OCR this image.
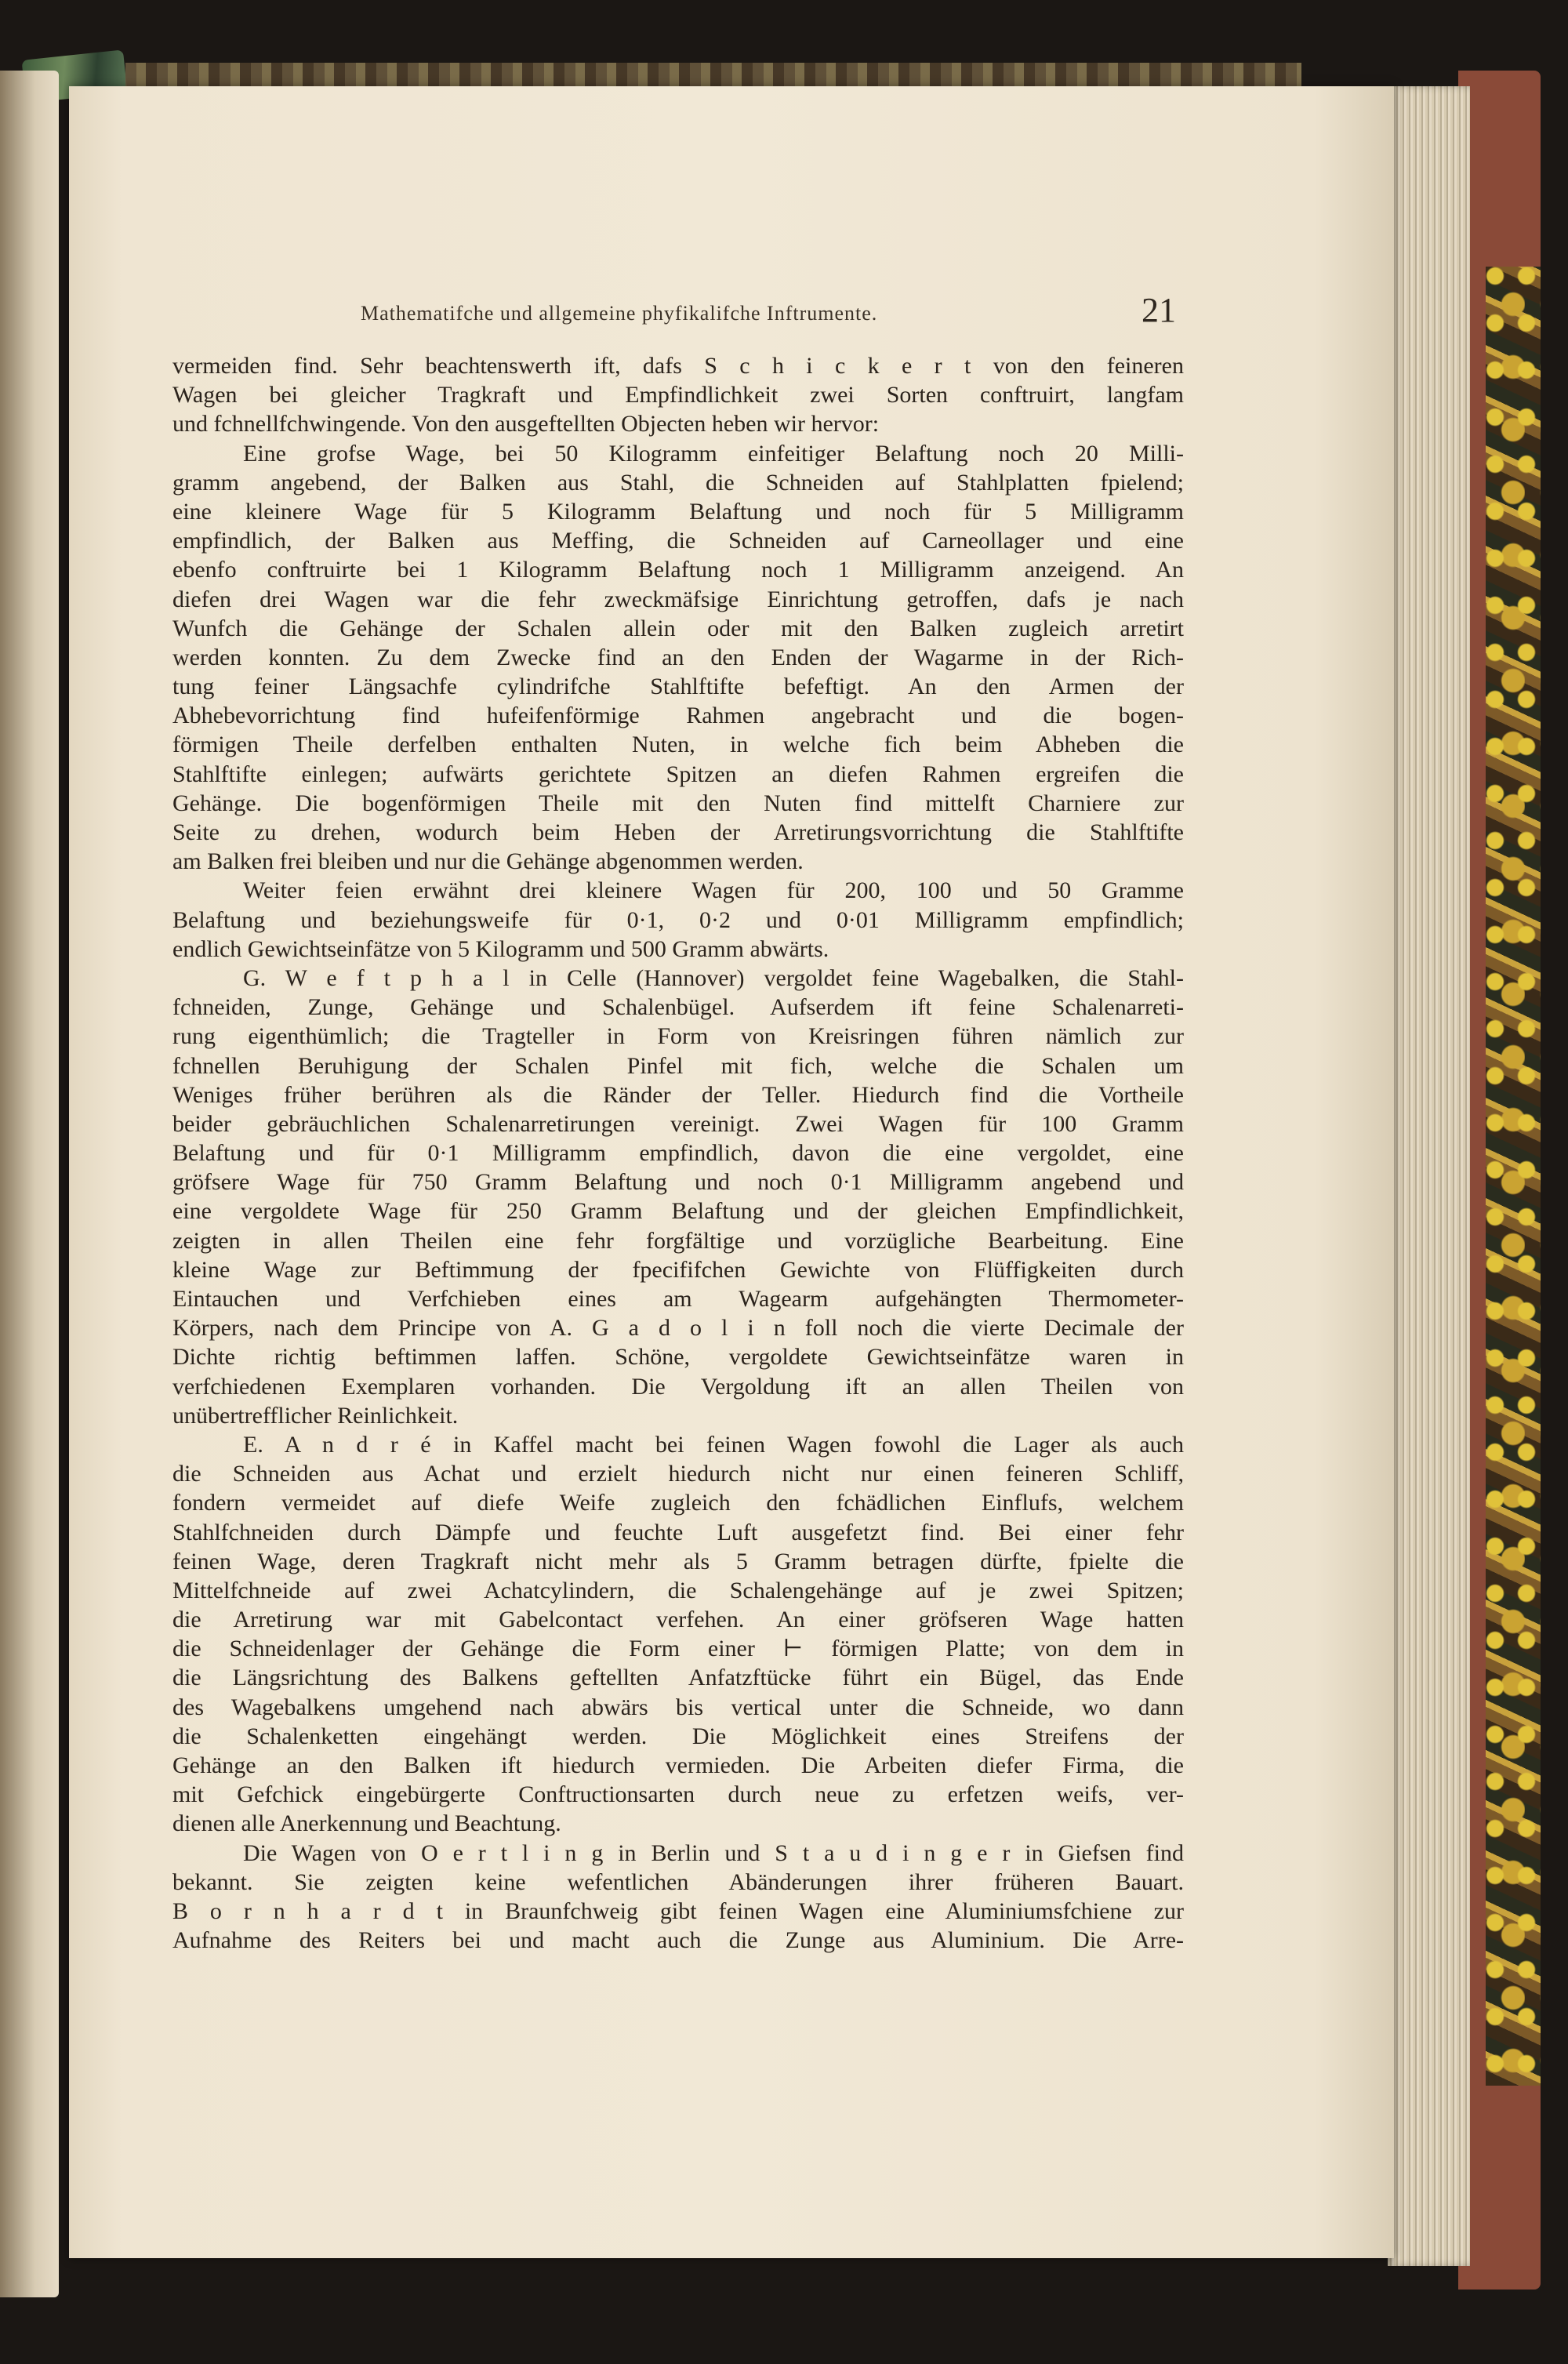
Mathematifche und allgemeine phyfikalifche Inftrumente.	21
vermeiden find. Sehr beachtenswerth ift, dafs S c h i c k e r t von den feineren
Wagen bei gleicher Tragkraft und Empfindlichkeit zwei Sorten conftruirt, langfam
und fchnellfchwingende. Von den ausgeftellten Objecten heben wir hervor:
Eine grofse Wage, bei 50 Kilogramm einfeitiger Belaftung noch 20 Milli-
gramm angebend, der Balken aus Stahl, die Schneiden auf Stahlplatten fpielend;
eine kleinere Wage für 5 Kilogramm Belaftung und noch für 5 Milligramm
empfindlich, der Balken aus Meffing, die Schneiden auf Carneollager und eine
ebenfo conftruirte bei 1 Kilogramm Belaftung noch 1 Milligramm anzeigend. An
diefen drei Wagen war die fehr zweckmäfsige Einrichtung getroffen, dafs je nach
Wunfch die Gehänge der Schalen allein oder mit den Balken zugleich arretirt
werden konnten. Zu dem Zwecke find an den Enden der Wagarme in der Rich-
tung feiner Längsachfe cylindrifche Stahlftifte befeftigt. An den Armen der
Abhebevorrichtung find hufeifenförmige Rahmen angebracht und die bogen-
förmigen Theile derfelben enthalten Nuten, in welche fich beim Abheben die
Stahlftifte einlegen; aufwärts gerichtete Spitzen an diefen Rahmen ergreifen die
Gehänge. Die bogenförmigen Theile mit den Nuten find mittelft Charniere zur
Seite zu drehen, wodurch beim Heben der Arretirungsvorrichtung die Stahlftifte
am Balken frei bleiben und nur die Gehänge abgenommen werden.
Weiter feien erwähnt drei kleinere Wagen für 200, 100 und 50 Gramme
Belaftung und beziehungsweife für 0·1, 0·2 und 0·01 Milligramm empfindlich;
endlich Gewichtseinfätze von 5 Kilogramm und 500 Gramm abwärts.
G. W e f t p h a l in Celle (Hannover) vergoldet feine Wagebalken, die Stahl-
fchneiden, Zunge, Gehänge und Schalenbügel. Aufserdem ift feine Schalenarreti-
rung eigenthümlich; die Tragteller in Form von Kreisringen führen nämlich zur
fchnellen Beruhigung der Schalen Pinfel mit fich, welche die Schalen um
Weniges früher berühren als die Ränder der Teller. Hiedurch find die Vortheile
beider gebräuchlichen Schalenarretirungen vereinigt. Zwei Wagen für 100 Gramm
Belaftung und für 0·1 Milligramm empfindlich, davon die eine vergoldet, eine
gröfsere Wage für 750 Gramm Belaftung und noch 0·1 Milligramm angebend und
eine vergoldete Wage für 250 Gramm Belaftung und der gleichen Empfindlichkeit,
zeigten in allen Theilen eine fehr forgfältige und vorzügliche Bearbeitung. Eine
kleine Wage zur Beftimmung der fpecififchen Gewichte von Flüffigkeiten durch
Eintauchen und Verfchieben eines am Wagearm aufgehängten Thermometer-
Körpers, nach dem Principe von A. G a d o l i n foll noch die vierte Decimale der
Dichte richtig beftimmen laffen. Schöne, vergoldete Gewichtseinfätze waren in
verfchiedenen Exemplaren vorhanden. Die Vergoldung ift an allen Theilen von
unübertrefflicher Reinlichkeit.
E. A n d r é in Kaffel macht bei feinen Wagen fowohl die Lager als auch
die Schneiden aus Achat und erzielt hiedurch nicht nur einen feineren Schliff,
fondern vermeidet auf diefe Weife zugleich den fchädlichen Einflufs, welchem
Stahlfchneiden durch Dämpfe und feuchte Luft ausgefetzt find. Bei einer fehr
feinen Wage, deren Tragkraft nicht mehr als 5 Gramm betragen dürfte, fpielte die
Mittelfchneide auf zwei Achatcylindern, die Schalengehänge auf je zwei Spitzen;
die Arretirung war mit Gabelcontact verfehen. An einer gröfseren Wage hatten
die Schneidenlager der Gehänge die Form einer ⊢ förmigen Platte; von dem in
die Längsrichtung des Balkens geftellten Anfatzftücke führt ein Bügel, das Ende
des Wagebalkens umgehend nach abwärs bis vertical unter die Schneide, wo dann
die Schalenketten eingehängt werden. Die Möglichkeit eines Streifens der
Gehänge an den Balken ift hiedurch vermieden. Die Arbeiten diefer Firma, die
mit Gefchick eingebürgerte Conftructionsarten durch neue zu erfetzen weifs, ver-
dienen alle Anerkennung und Beachtung.
Die Wagen von O e r t l i n g in Berlin und S t a u d i n g e r in Giefsen find
bekannt. Sie zeigten keine wefentlichen Abänderungen ihrer früheren Bauart.
B o r n h a r d t in Braunfchweig gibt feinen Wagen eine Aluminiumsfchiene zur
Aufnahme des Reiters bei und macht auch die Zunge aus Aluminium. Die Arre-
